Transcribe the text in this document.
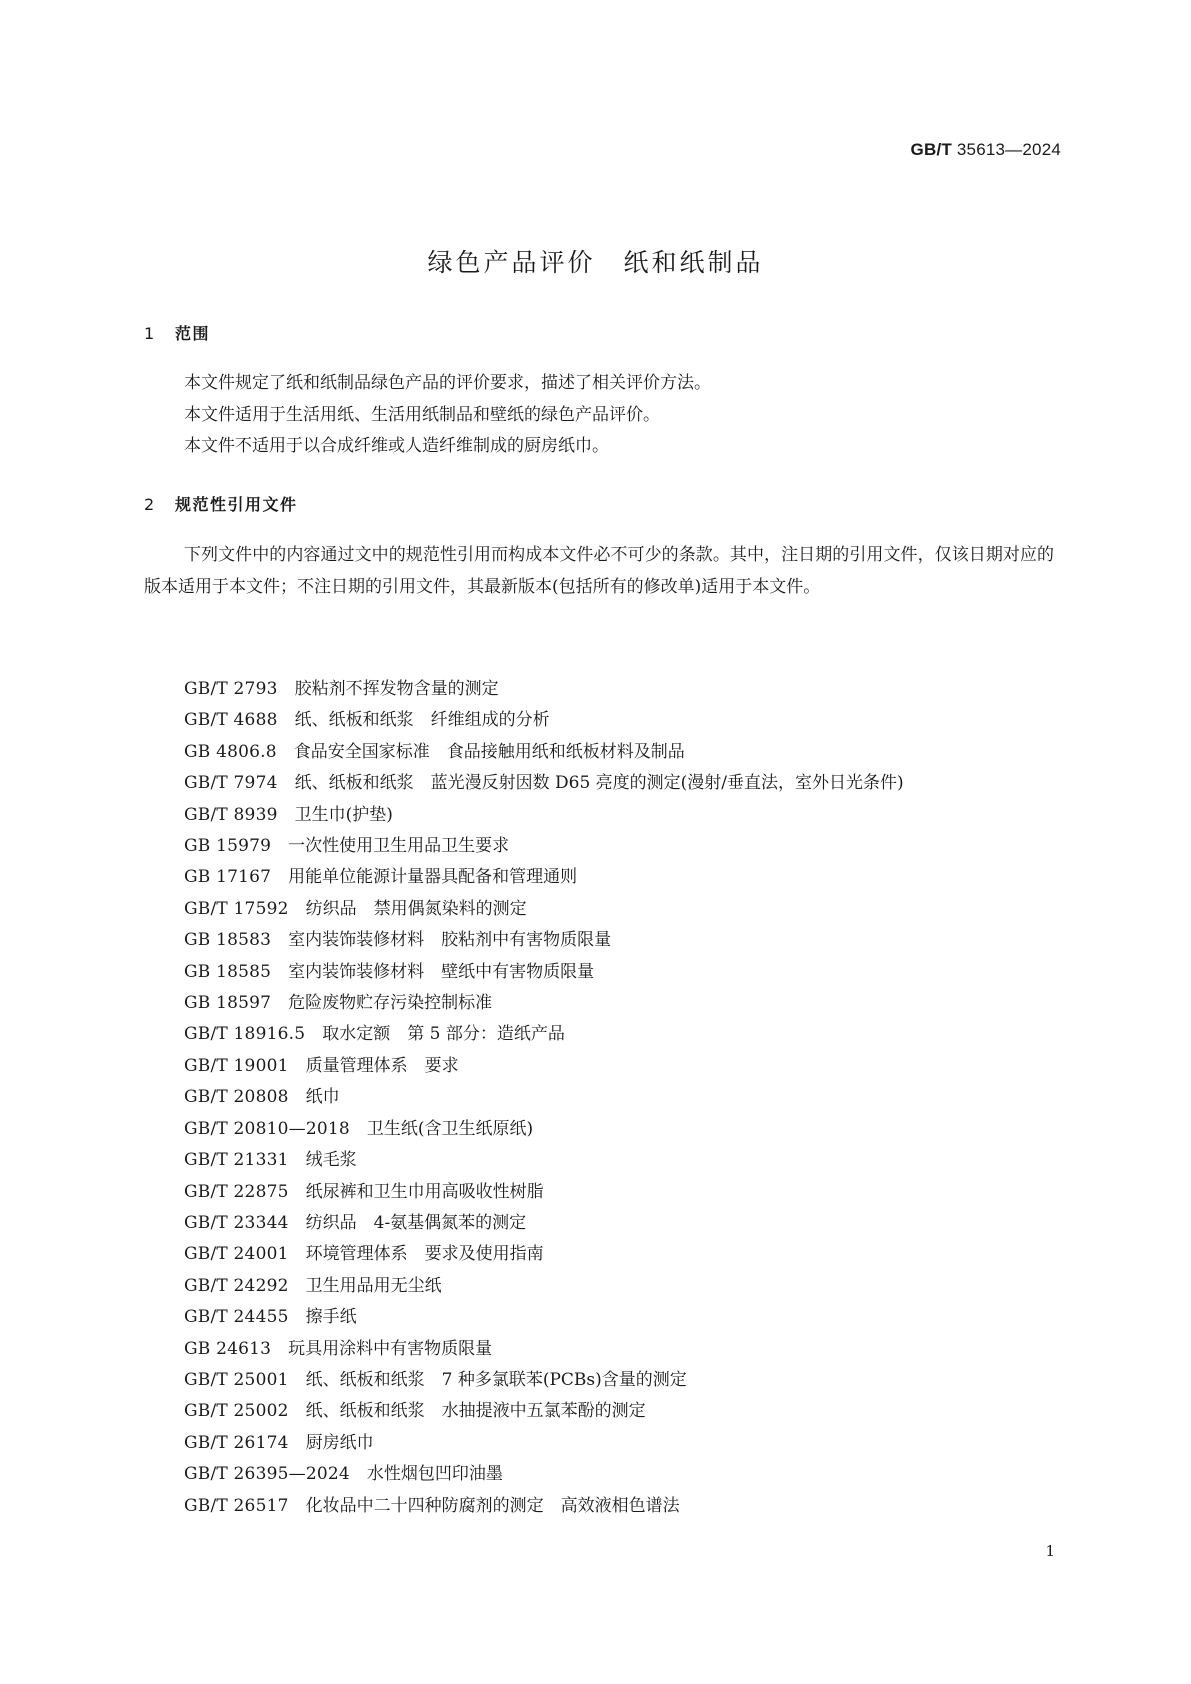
GB/T 35613—2024
绿色产品评价　纸和纸制品
1 范围

本文件规定了纸和纸制品绿色产品的评价要求，描述了相关评价方法。

本文件适用于生活用纸、生活用纸制品和壁纸的绿色产品评价。

本文件不适用于以合成纤维或人造纤维制成的厨房纸巾。

2 规范性引用文件

下列文件中的内容通过文中的规范性引用而构成本文件必不可少的条款。其中，注日期的引用文件，仅该日期对应的版本适用于本文件；不注日期的引用文件，其最新版本(包括所有的修改单)适用于本文件。

GB/T 2793　 胶粘剂不挥发物含量的测定
GB/T 4688　 纸、纸板和纸浆　纤维组成的分析
GB 4806.8　 食品安全国家标准　食品接触用纸和纸板材料及制品
GB/T 7974　 纸、纸板和纸浆　蓝光漫反射因数 D65 亮度的测定(漫射/垂直法，室外日光条件)
GB/T 8939　 卫生巾(护垫)
GB 15979　 一次性使用卫生用品卫生要求
GB 17167　 用能单位能源计量器具配备和管理通则
GB/T 17592　 纺织品　禁用偶氮染料的测定
GB 18583　 室内装饰装修材料　胶粘剂中有害物质限量
GB 18585　 室内装饰装修材料　壁纸中有害物质限量
GB 18597　 危险废物贮存污染控制标准
GB/T 18916.5　 取水定额　第 5 部分：造纸产品
GB/T 19001　 质量管理体系　要求
GB/T 20808　 纸巾
GB/T 20810—2018　 卫生纸(含卫生纸原纸)
GB/T 21331　 绒毛浆
GB/T 22875　 纸尿裤和卫生巾用高吸收性树脂
GB/T 23344　 纺织品　4-氨基偶氮苯的测定
GB/T 24001　 环境管理体系　要求及使用指南
GB/T 24292　 卫生用品用无尘纸
GB/T 24455　 擦手纸
GB 24613　 玩具用涂料中有害物质限量
GB/T 25001　 纸、纸板和纸浆　7 种多氯联苯(PCBs)含量的测定
GB/T 25002　 纸、纸板和纸浆　水抽提液中五氯苯酚的测定
GB/T 26174　 厨房纸巾
GB/T 26395—2024　 水性烟包凹印油墨
GB/T 26517　 化妆品中二十四种防腐剂的测定　高效液相色谱法
1
